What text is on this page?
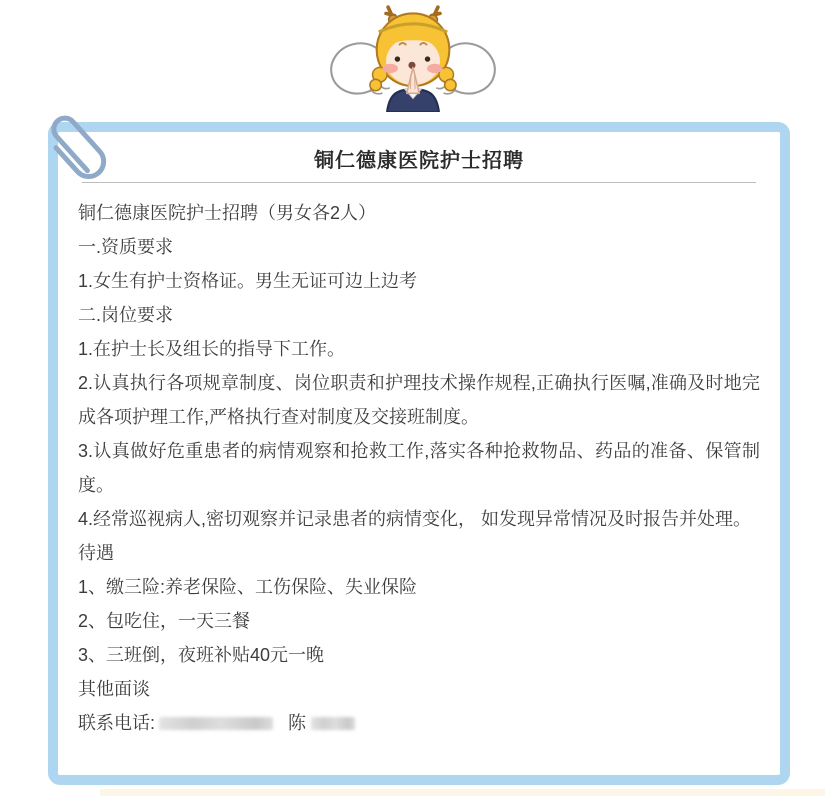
铜仁德康医院护士招聘

铜仁德康医院护士招聘（男女各2人）

一.资质要求

1.女生有护士资格证。男生无证可边上边考

二.岗位要求

1.在护士长及组长的指导下工作。

2.认真执行各项规章制度、岗位职责和护理技术操作规程,正确执行医嘱,准确及时地完成各项护理工作,严格执行查对制度及交接班制度。

3.认真做好危重患者的病情观察和抢救工作,落实各种抢救物品、药品的准备、保管制度。

4.经常巡视病人,密切观察并记录患者的病情变化， 如发现异常情况及时报告并处理。

待遇

1、缴三险:养老保险、工伤保险、失业保险

2、包吃住，一天三餐

3、三班倒，夜班补贴40元一晚

其他面谈

联系电话:	陈
